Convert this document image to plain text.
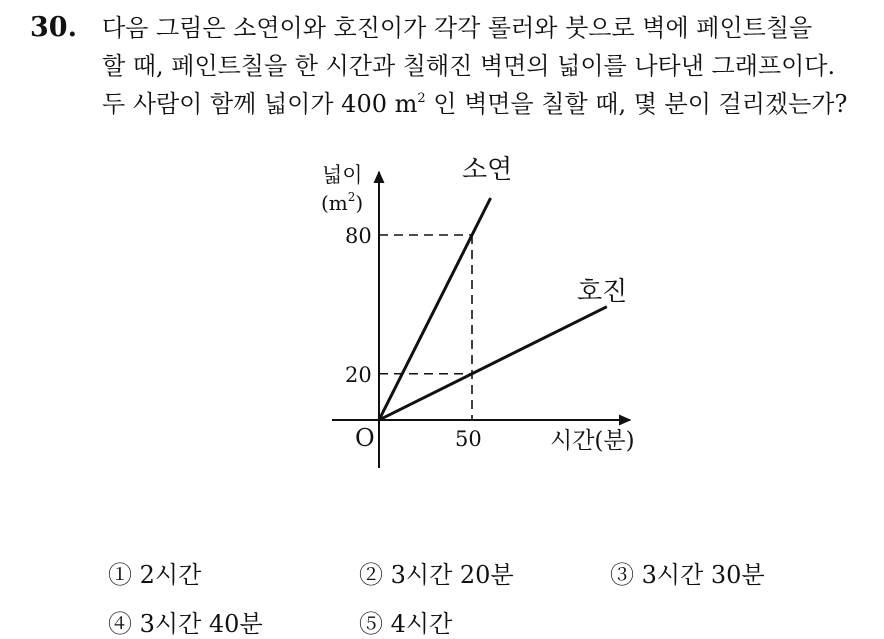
30. 다음 그림은 소연이와 호진이가 각각 롤러와 붓으로 벽에 페인트칠을
할 때, 페인트칠을 한 시간과 칠해진 벽면의 넓이를 나타낸 그래프이다.
두 사람이 함께 넓이가 400 $m^2$ 인 벽면을 칠할 때, 몇 분이 걸리겠는가?
소연
호진
넓이
$(m^2)$
80
20
50
O	시간(분)
① 2시간	② 3시간 20분	③ 3시간 30분
④ 3시간 40분	⑤ 4시간
